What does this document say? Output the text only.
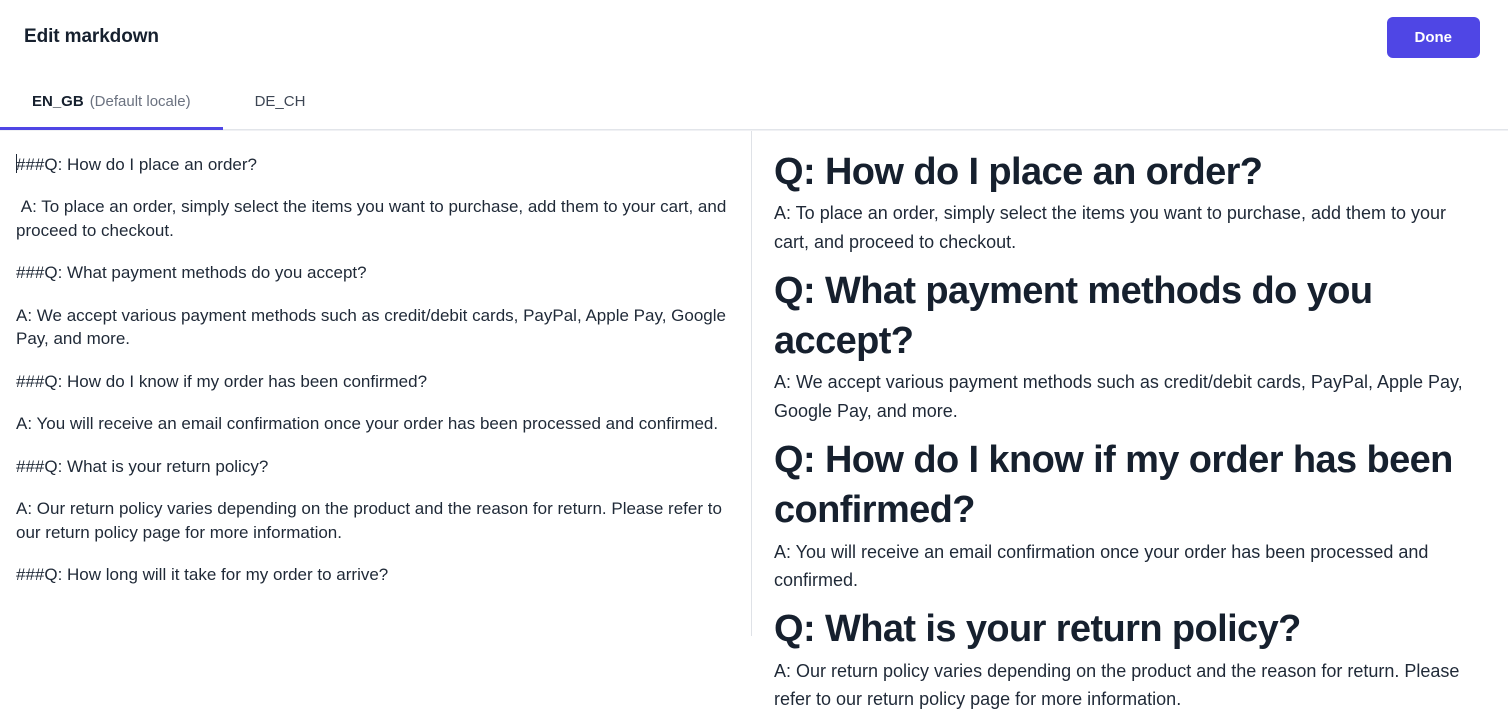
Edit markdown	Done
EN_GB (Default locale)	DE_CH
###Q: How do I place an order?
A: To place an order, simply select the items you want to purchase, add them to your cart, and proceed to checkout.
###Q: What payment methods do you accept?
A: We accept various payment methods such as credit/debit cards, PayPal, Apple Pay, Google Pay, and more.
###Q: How do I know if my order has been confirmed?
A: You will receive an email confirmation once your order has been processed and confirmed.
###Q: What is your return policy?
A: Our return policy varies depending on the product and the reason for return. Please refer to our return policy page for more information.
###Q: How long will it take for my order to arrive?
Q: How do I place an order?
A: To place an order, simply select the items you want to purchase, add them to your cart, and proceed to checkout.
Q: What payment methods do you accept?
A: We accept various payment methods such as credit/debit cards, PayPal, Apple Pay, Google Pay, and more.
Q: How do I know if my order has been confirmed?
A: You will receive an email confirmation once your order has been processed and confirmed.
Q: What is your return policy?
A: Our return policy varies depending on the product and the reason for return. Please refer to our return policy page for more information.
